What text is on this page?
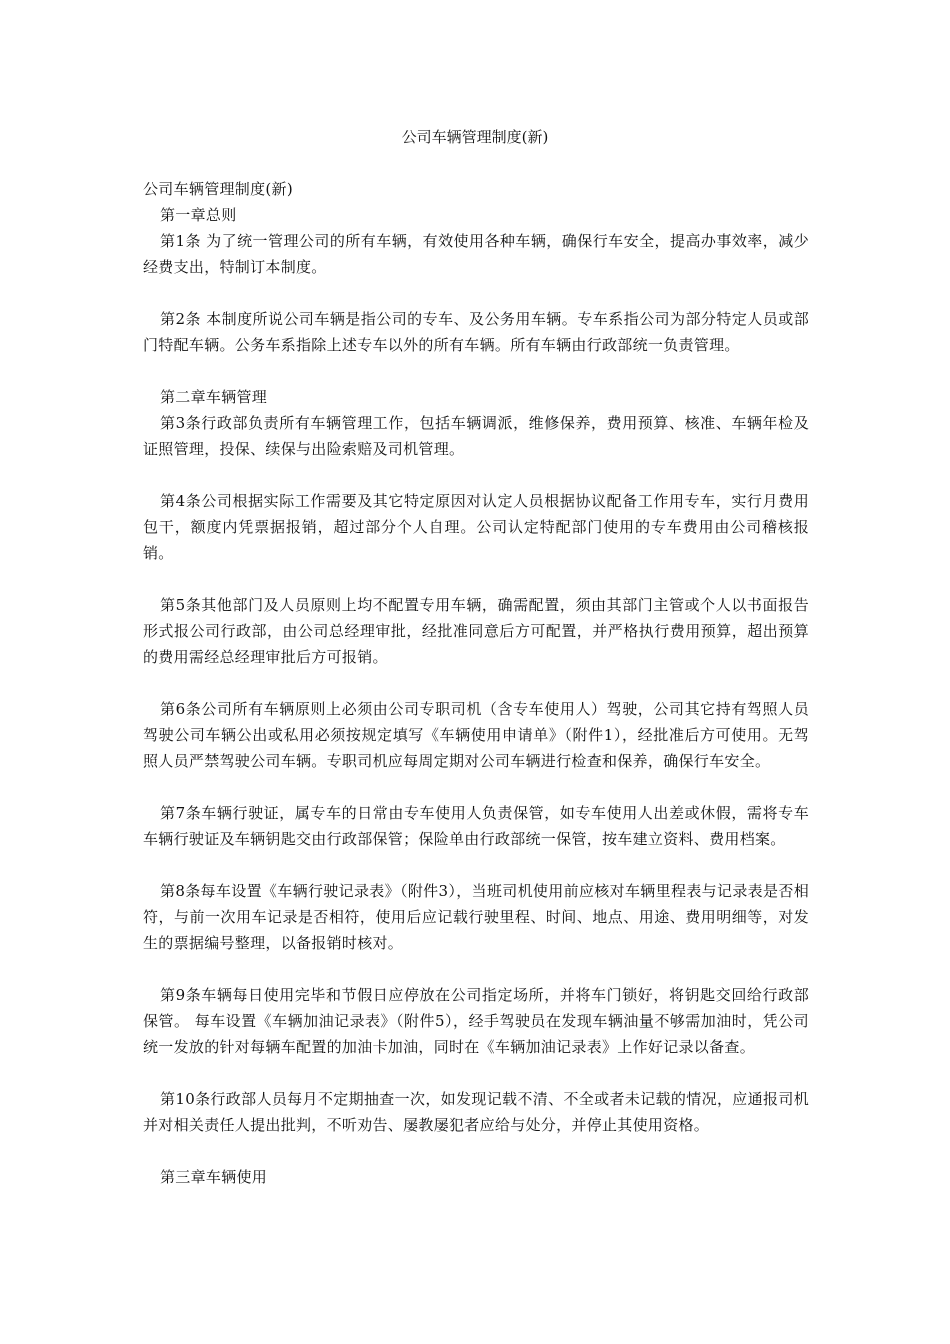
公司车辆管理制度(新)

公司车辆管理制度(新)

第一章总则

第1条 为了统一管理公司的所有车辆，有效使用各种车辆，确保行车安全，提高办事效率，减少经费支出，特制订本制度。

第2条 本制度所说公司车辆是指公司的专车、及公务用车辆。专车系指公司为部分特定人员或部门特配车辆。公务车系指除上述专车以外的所有车辆。所有车辆由行政部统一负责管理。

第二章车辆管理

第3条行政部负责所有车辆管理工作，包括车辆调派，维修保养，费用预算、核准、车辆年检及证照管理，投保、续保与出险索赔及司机管理。

第4条公司根据实际工作需要及其它特定原因对认定人员根据协议配备工作用专车，实行月费用包干，额度内凭票据报销，超过部分个人自理。公司认定特配部门使用的专车费用由公司稽核报销。

第5条其他部门及人员原则上均不配置专用车辆，确需配置，须由其部门主管或个人以书面报告形式报公司行政部，由公司总经理审批，经批准同意后方可配置，并严格执行费用预算，超出预算的费用需经总经理审批后方可报销。

第6条公司所有车辆原则上必须由公司专职司机（含专车使用人）驾驶，公司其它持有驾照人员驾驶公司车辆公出或私用必须按规定填写《车辆使用申请单》（附件1），经批准后方可使用。无驾照人员严禁驾驶公司车辆。专职司机应每周定期对公司车辆进行检查和保养，确保行车安全。

第7条车辆行驶证，属专车的日常由专车使用人负责保管，如专车使用人出差或休假，需将专车车辆行驶证及车辆钥匙交由行政部保管；保险单由行政部统一保管，按车建立资料、费用档案。

第8条每车设置《车辆行驶记录表》（附件3），当班司机使用前应核对车辆里程表与记录表是否相符，与前一次用车记录是否相符，使用后应记载行驶里程、时间、地点、用途、费用明细等，对发生的票据编号整理，以备报销时核对。

第9条车辆每日使用完毕和节假日应停放在公司指定场所，并将车门锁好，将钥匙交回给行政部保管。 每车设置《车辆加油记录表》（附件5），经手驾驶员在发现车辆油量不够需加油时，凭公司统一发放的针对每辆车配置的加油卡加油，同时在《车辆加油记录表》上作好记录以备查。

第10条行政部人员每月不定期抽查一次，如发现记载不清、不全或者未记载的情况，应通报司机并对相关责任人提出批判，不听劝告、屡教屡犯者应给与处分，并停止其使用资格。

第三章车辆使用
